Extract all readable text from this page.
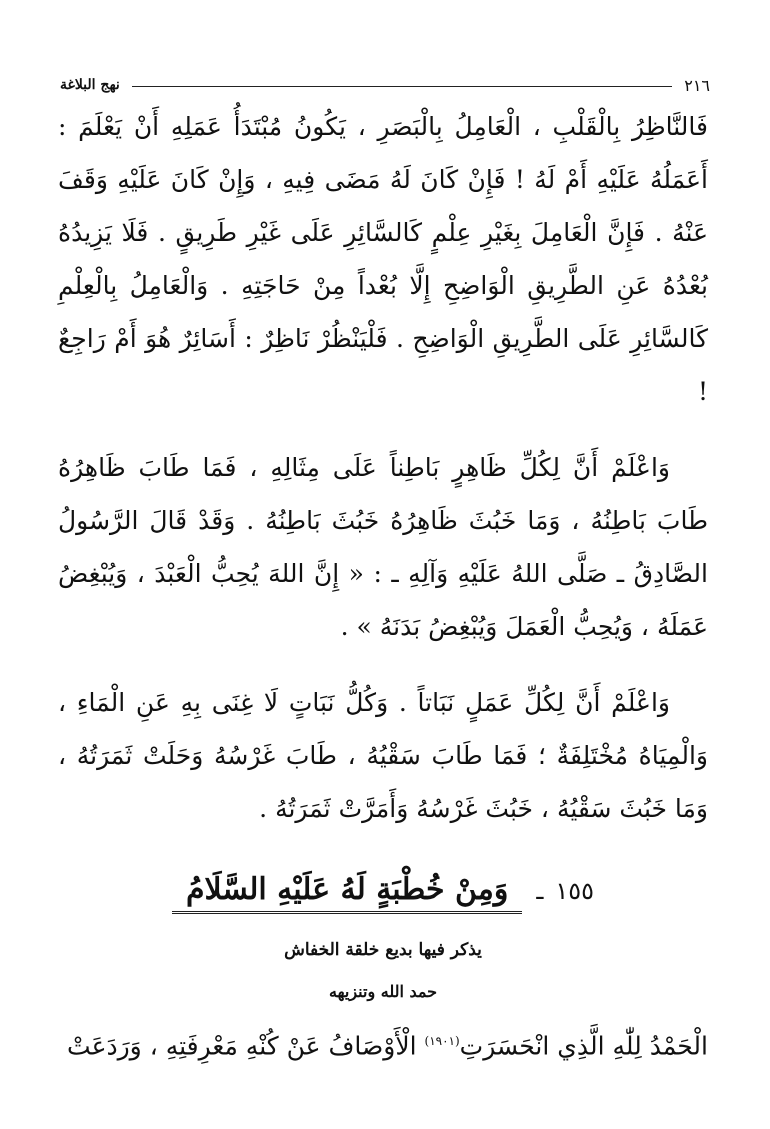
٢١٦
نهج البلاغة

فَالنَّاظِرُ بِالْقَلْبِ ، الْعَامِلُ بِالْبَصَرِ ، يَكُونُ مُبْتَدَأُ عَمَلِهِ أَنْ يَعْلَمَ : أَعَمَلُهُ عَلَيْهِ أَمْ لَهُ ! فَإِنْ كَانَ لَهُ مَضَى فِيهِ ، وَإِنْ كَانَ عَلَيْهِ وَقَفَ عَنْهُ . فَإِنَّ الْعَامِلَ بِغَيْرِ عِلْمٍ كَالسَّائِرِ عَلَى غَيْرِ طَرِيقٍ . فَلَا يَزِيدُهُ بُعْدُهُ عَنِ الطَّرِيقِ الْوَاضِحِ إِلَّا بُعْداً مِنْ حَاجَتِهِ . وَالْعَامِلُ بِالْعِلْمِ كَالسَّائِرِ عَلَى الطَّرِيقِ الْوَاضِحِ . فَلْيَنْظُرْ نَاظِرٌ : أَسَائِرٌ هُوَ أَمْ رَاجِعٌ !

وَاعْلَمْ أَنَّ لِكُلِّ ظَاهِرٍ بَاطِناً عَلَى مِثَالِهِ ، فَمَا طَابَ ظَاهِرُهُ طَابَ بَاطِنُهُ ، وَمَا خَبُثَ ظَاهِرُهُ خَبُثَ بَاطِنُهُ . وَقَدْ قَالَ الرَّسُولُ الصَّادِقُ ـ صَلَّى اللهُ عَلَيْهِ وَآلِهِ ـ : « إِنَّ اللهَ يُحِبُّ الْعَبْدَ ، وَيُبْغِضُ عَمَلَهُ ، وَيُحِبُّ الْعَمَلَ وَيُبْغِضُ بَدَنَهُ » .

وَاعْلَمْ أَنَّ لِكُلِّ عَمَلٍ نَبَاتاً . وَكُلُّ نَبَاتٍ لَا غِنَى بِهِ عَنِ الْمَاءِ ، وَالْمِيَاهُ مُخْتَلِفَةٌ ؛ فَمَا طَابَ سَقْيُهُ ، طَابَ غَرْسُهُ وَحَلَتْ ثَمَرَتُهُ ، وَمَا خَبُثَ سَقْيُهُ ، خَبُثَ غَرْسُهُ وَأَمَرَّتْ ثَمَرَتُهُ .

١٥٥
ـ
وَمِنْ خُطْبَةٍ لَهُ عَلَيْهِ السَّلَامُ
يذكر فيها بديع خلقة الخفاش
حمد الله وتنزيهه
الْحَمْدُ لِلّٰهِ الَّذِي انْحَسَرَتِ$^{(١٩٠١)}$ الْأَوْصَافُ عَنْ كُنْهِ مَعْرِفَتِهِ ، وَرَدَعَتْ
